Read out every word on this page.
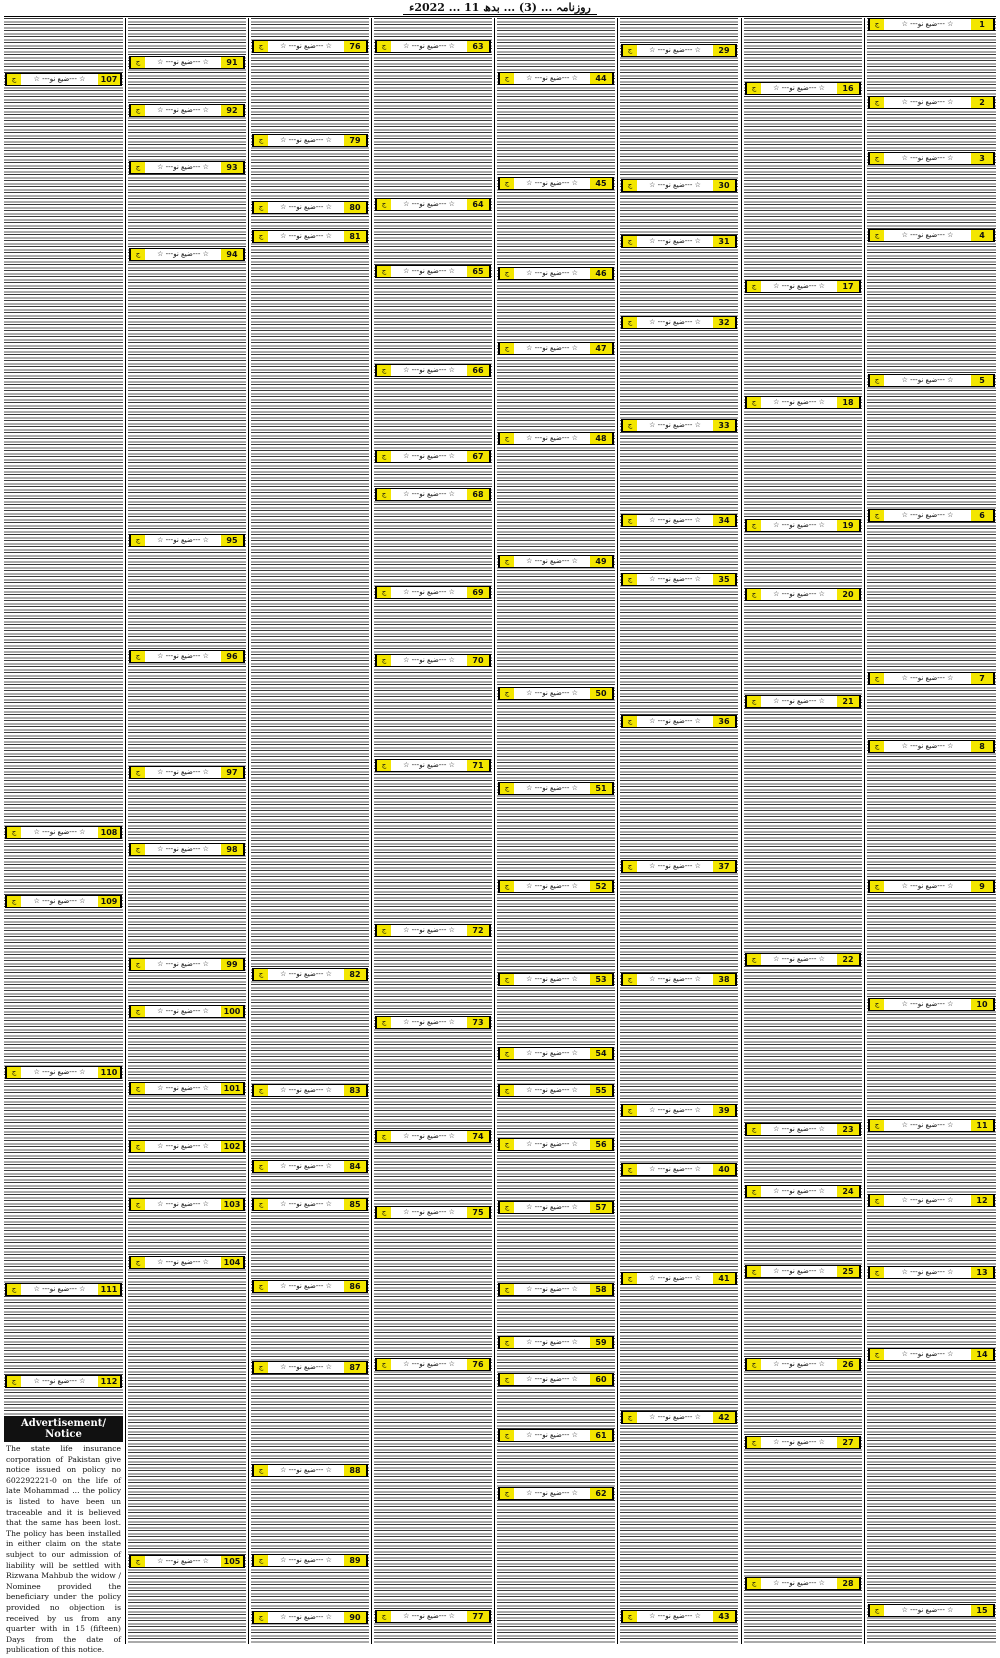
روزنامہ ... (3) ... بدھ 11 ... 2022ء
ج	☆ ---ضیع نو--- ☆	107
ج	☆ ---ضیع نو--- ☆	108
ج	☆ ---ضیع نو--- ☆	109
ج	☆ ---ضیع نو--- ☆	110
ج	☆ ---ضیع نو--- ☆	111
ج	☆ ---ضیع نو--- ☆	112
Advertisement/ Notice
The state life insurance corporation of Pakistan give notice issued on policy no 602292221-0 on the life of late Mohammad ... the policy is listed to have been un traceable and it is believed that the same has been lost. The policy has been installed in either claim on the state subject to our admission of liability will be settled with Rizwana Mahbub the widow / Nominee provided the beneficiary under the policy provided no objection is received by us from any quarter with in 15 (fifteen) Days from the date of publication of this notice.
ج	☆ ---ضیع نو--- ☆	91
ج	☆ ---ضیع نو--- ☆	92
ج	☆ ---ضیع نو--- ☆	93
ج	☆ ---ضیع نو--- ☆	94
ج	☆ ---ضیع نو--- ☆	95
ج	☆ ---ضیع نو--- ☆	96
ج	☆ ---ضیع نو--- ☆	97
ج	☆ ---ضیع نو--- ☆	98
ج	☆ ---ضیع نو--- ☆	99
ج	☆ ---ضیع نو--- ☆	100
ج	☆ ---ضیع نو--- ☆	101
ج	☆ ---ضیع نو--- ☆	102
ج	☆ ---ضیع نو--- ☆	103
ج	☆ ---ضیع نو--- ☆	104
ج	☆ ---ضیع نو--- ☆	105
ج	☆ ---ضیع نو--- ☆	76
ج	☆ ---ضیع نو--- ☆	79
ج	☆ ---ضیع نو--- ☆	80
ج	☆ ---ضیع نو--- ☆	81
ج	☆ ---ضیع نو--- ☆	82
ج	☆ ---ضیع نو--- ☆	83
ج	☆ ---ضیع نو--- ☆	84
ج	☆ ---ضیع نو--- ☆	85
ج	☆ ---ضیع نو--- ☆	86
ج	☆ ---ضیع نو--- ☆	87
ج	☆ ---ضیع نو--- ☆	88
ج	☆ ---ضیع نو--- ☆	89
ج	☆ ---ضیع نو--- ☆	90
ج	☆ ---ضیع نو--- ☆	63
ج	☆ ---ضیع نو--- ☆	64
ج	☆ ---ضیع نو--- ☆	65
ج	☆ ---ضیع نو--- ☆	66
ج	☆ ---ضیع نو--- ☆	67
ج	☆ ---ضیع نو--- ☆	68
ج	☆ ---ضیع نو--- ☆	69
ج	☆ ---ضیع نو--- ☆	70
ج	☆ ---ضیع نو--- ☆	71
ج	☆ ---ضیع نو--- ☆	72
ج	☆ ---ضیع نو--- ☆	73
ج	☆ ---ضیع نو--- ☆	74
ج	☆ ---ضیع نو--- ☆	75
ج	☆ ---ضیع نو--- ☆	76
ج	☆ ---ضیع نو--- ☆	77
ج	☆ ---ضیع نو--- ☆	44
ج	☆ ---ضیع نو--- ☆	45
ج	☆ ---ضیع نو--- ☆	46
ج	☆ ---ضیع نو--- ☆	47
ج	☆ ---ضیع نو--- ☆	48
ج	☆ ---ضیع نو--- ☆	49
ج	☆ ---ضیع نو--- ☆	50
ج	☆ ---ضیع نو--- ☆	51
ج	☆ ---ضیع نو--- ☆	52
ج	☆ ---ضیع نو--- ☆	53
ج	☆ ---ضیع نو--- ☆	54
ج	☆ ---ضیع نو--- ☆	55
ج	☆ ---ضیع نو--- ☆	56
ج	☆ ---ضیع نو--- ☆	57
ج	☆ ---ضیع نو--- ☆	58
ج	☆ ---ضیع نو--- ☆	59
ج	☆ ---ضیع نو--- ☆	60
ج	☆ ---ضیع نو--- ☆	61
ج	☆ ---ضیع نو--- ☆	62
ج	☆ ---ضیع نو--- ☆	29
ج	☆ ---ضیع نو--- ☆	30
ج	☆ ---ضیع نو--- ☆	31
ج	☆ ---ضیع نو--- ☆	32
ج	☆ ---ضیع نو--- ☆	33
ج	☆ ---ضیع نو--- ☆	34
ج	☆ ---ضیع نو--- ☆	35
ج	☆ ---ضیع نو--- ☆	36
ج	☆ ---ضیع نو--- ☆	37
ج	☆ ---ضیع نو--- ☆	38
ج	☆ ---ضیع نو--- ☆	39
ج	☆ ---ضیع نو--- ☆	40
ج	☆ ---ضیع نو--- ☆	41
ج	☆ ---ضیع نو--- ☆	42
ج	☆ ---ضیع نو--- ☆	43
ج	☆ ---ضیع نو--- ☆	16
ج	☆ ---ضیع نو--- ☆	17
ج	☆ ---ضیع نو--- ☆	18
ج	☆ ---ضیع نو--- ☆	19
ج	☆ ---ضیع نو--- ☆	20
ج	☆ ---ضیع نو--- ☆	21
ج	☆ ---ضیع نو--- ☆	22
ج	☆ ---ضیع نو--- ☆	23
ج	☆ ---ضیع نو--- ☆	24
ج	☆ ---ضیع نو--- ☆	25
ج	☆ ---ضیع نو--- ☆	26
ج	☆ ---ضیع نو--- ☆	27
ج	☆ ---ضیع نو--- ☆	28
ج	☆ ---ضیع نو--- ☆	1
ج	☆ ---ضیع نو--- ☆	2
ج	☆ ---ضیع نو--- ☆	3
ج	☆ ---ضیع نو--- ☆	4
ج	☆ ---ضیع نو--- ☆	5
ج	☆ ---ضیع نو--- ☆	6
ج	☆ ---ضیع نو--- ☆	7
ج	☆ ---ضیع نو--- ☆	8
ج	☆ ---ضیع نو--- ☆	9
ج	☆ ---ضیع نو--- ☆	10
ج	☆ ---ضیع نو--- ☆	11
ج	☆ ---ضیع نو--- ☆	12
ج	☆ ---ضیع نو--- ☆	13
ج	☆ ---ضیع نو--- ☆	14
ج	☆ ---ضیع نو--- ☆	15
